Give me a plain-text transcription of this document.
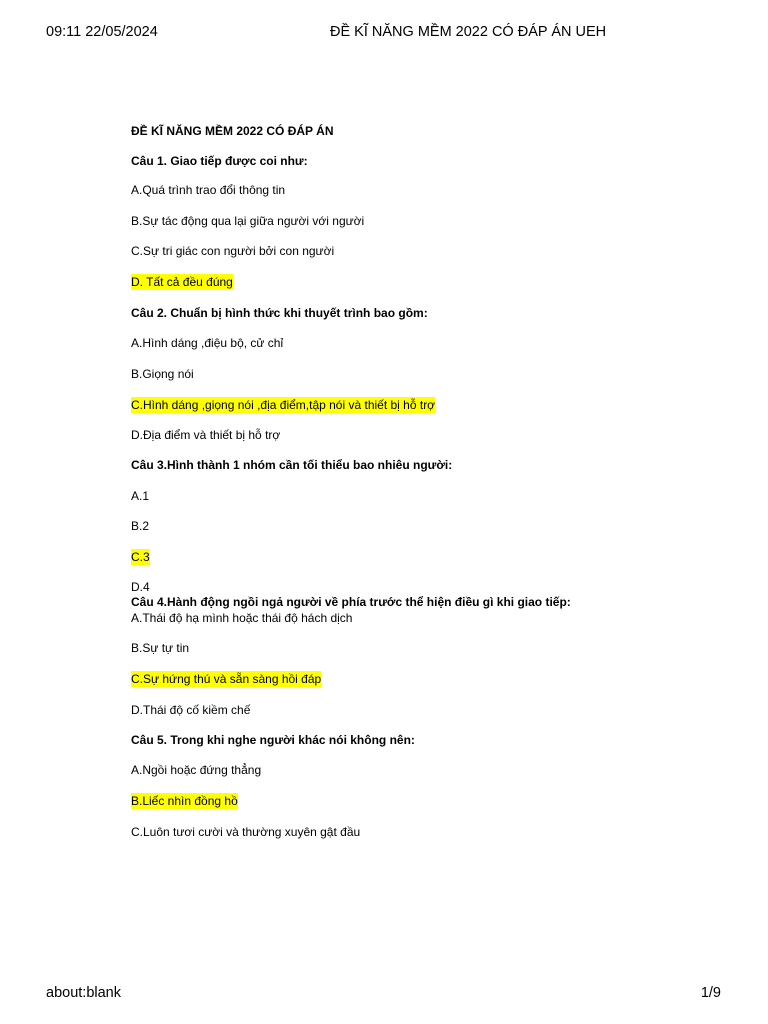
09:11 22/05/2024	ĐỀ KĨ NĂNG MỀM 2022 CÓ ĐÁP ÁN UEH
ĐỀ KĨ NĂNG MỀM 2022 CÓ ĐÁP ÁN
Câu 1. Giao tiếp được coi như:
A.Quá trình trao đổi thông tin
B.Sự tác động qua lại giữa người với người
C.Sự tri giác con người bởi con người
D. Tất cả đều đúng
Câu 2. Chuẩn bị hình thức khi thuyết trình bao gồm:
A.Hình dáng ,điệu bộ, cử chỉ
B.Giọng nói
C.Hình dáng ,giọng nói ,địa điểm,tập nói và thiết bị hỗ trợ
D.Địa điểm và thiết bị hỗ trợ
Câu 3.Hình thành 1 nhóm cần tối thiểu bao nhiêu người:
A.1
B.2
C.3
D.4
Câu 4.Hành động ngồi ngả người về phía trước thể hiện điều gì khi giao tiếp:
A.Thái độ hạ mình hoặc thái độ hách dịch
B.Sự tự tin
C.Sự hứng thú và sẵn sàng hồi đáp
D.Thái độ cố kiềm chế
Câu 5. Trong khi nghe người khác nói không nên:
A.Ngồi hoặc đứng thẳng
B.Liếc nhìn đồng hồ
C.Luôn tươi cười và thường xuyên gật đầu
about:blank	1/9
